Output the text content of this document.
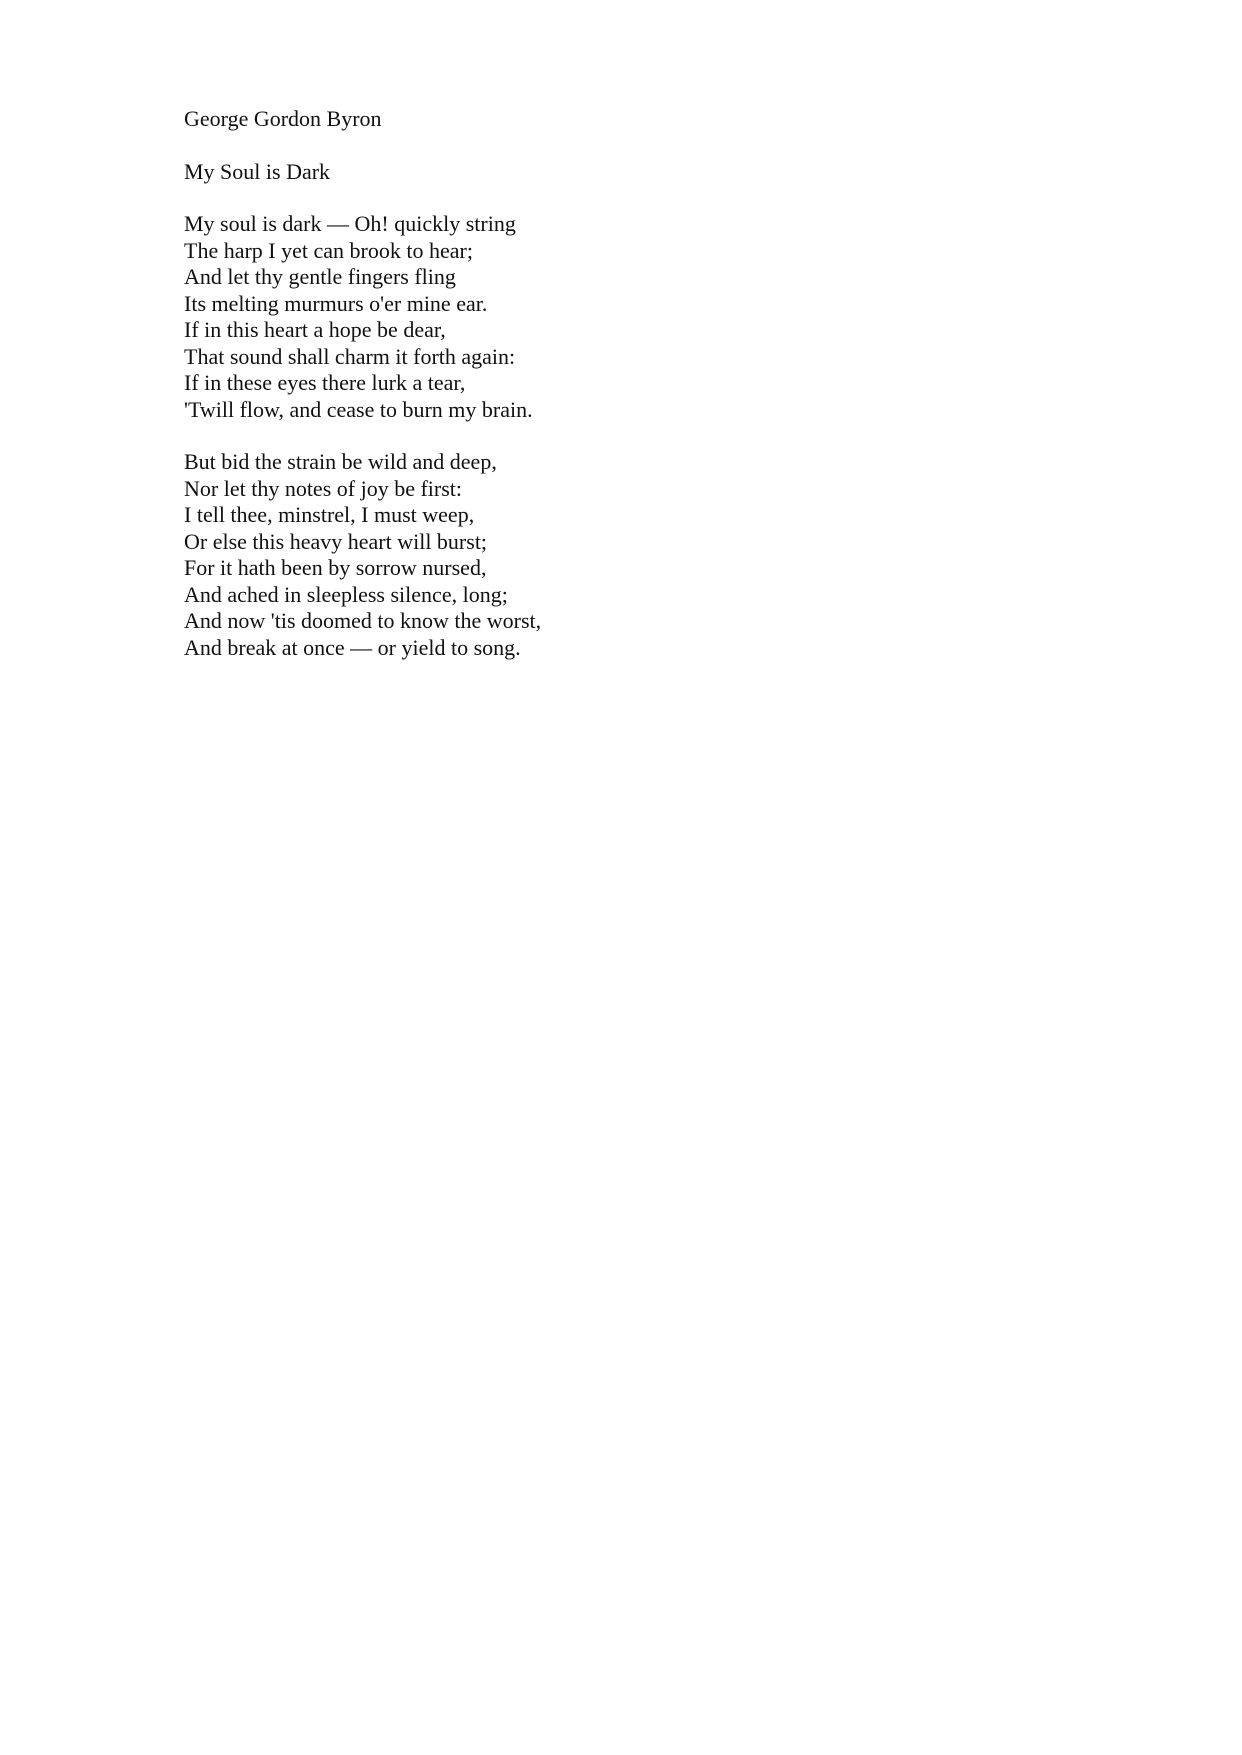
George Gordon Byron
My Soul is Dark
My soul is dark — Oh! quickly string
The harp I yet can brook to hear;
And let thy gentle fingers fling
Its melting murmurs o'er mine ear.
If in this heart a hope be dear,
That sound shall charm it forth again:
If in these eyes there lurk a tear,
'Twill flow, and cease to burn my brain.
But bid the strain be wild and deep,
Nor let thy notes of joy be first:
I tell thee, minstrel, I must weep,
Or else this heavy heart will burst;
For it hath been by sorrow nursed,
And ached in sleepless silence, long;
And now 'tis doomed to know the worst,
And break at once — or yield to song.
